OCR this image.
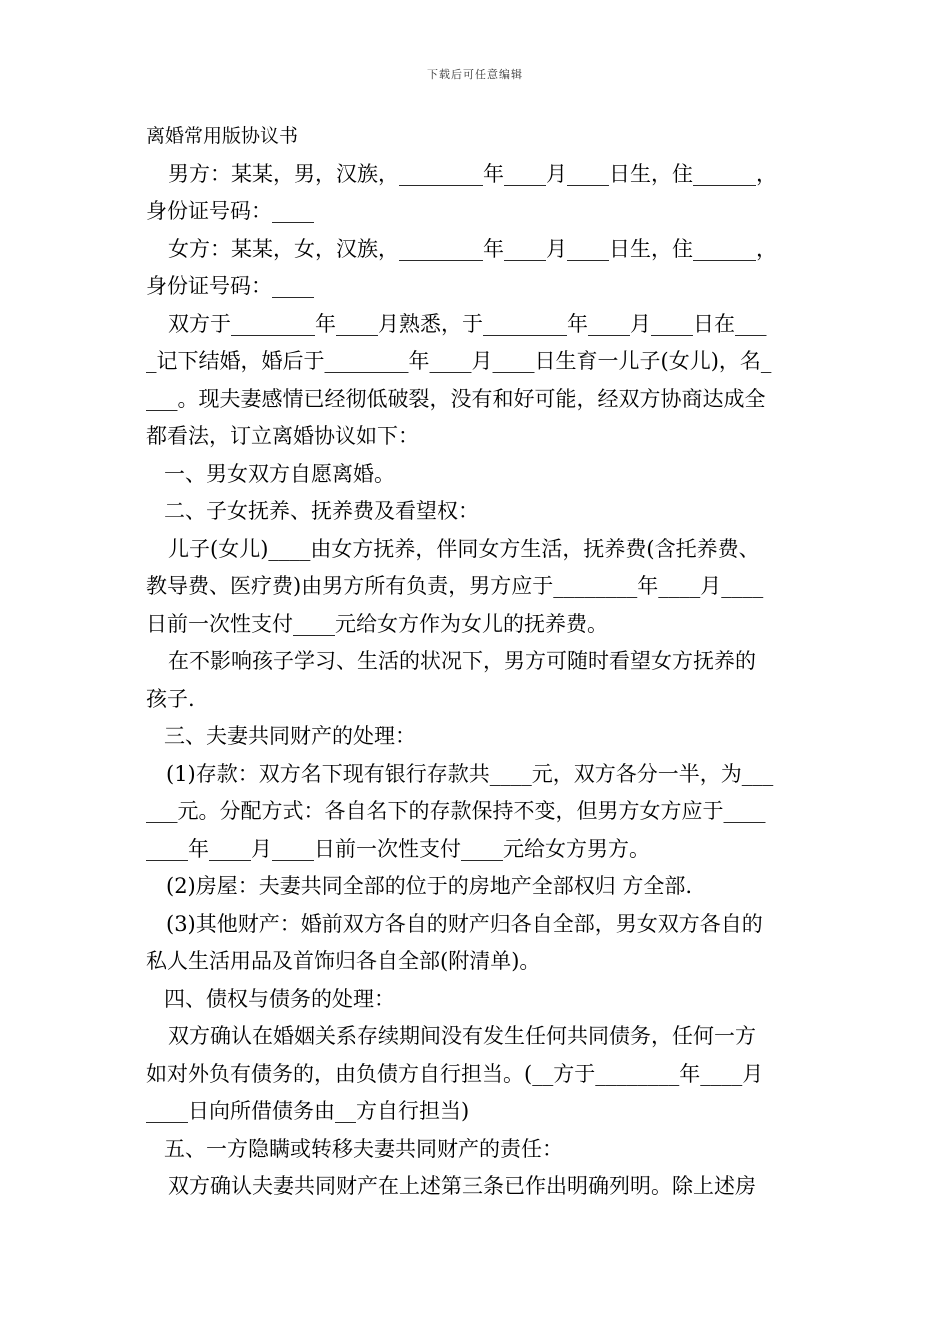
下载后可任意编辑
离婚常用版协议书
男方：某某，男，汉族，________年____月____日生，住______，
身份证号码：____
女方：某某，女，汉族，________年____月____日生，住______，
身份证号码：____
双方于________年____月熟悉，于________年____月____日在___
_记下结婚，婚后于________年____月____日生育一儿子(女儿)，名_
___。现夫妻感情已经彻低破裂，没有和好可能，经双方协商达成全
都看法，订立离婚协议如下：
一、男女双方自愿离婚。
二、子女抚养、抚养费及看望权：
儿子(女儿)____由女方抚养，伴同女方生活，抚养费(含托养费、
教导费、医疗费)由男方所有负责，男方应于________年____月____
日前一次性支付____元给女方作为女儿的抚养费。
在不影响孩子学习、生活的状况下，男方可随时看望女方抚养的
孩子.
三、夫妻共同财产的处理：
(1)存款：双方名下现有银行存款共____元，双方各分一半，为___
___元。分配方式：各自名下的存款保持不变，但男方女方应于____
____年____月____日前一次性支付____元给女方男方。
(2)房屋：夫妻共同全部的位于的房地产全部权归 方全部.
(3)其他财产：婚前双方各自的财产归各自全部，男女双方各自的
私人生活用品及首饰归各自全部(附清单)。
四、债权与债务的处理：
双方确认在婚姻关系存续期间没有发生任何共同债务，任何一方
如对外负有债务的，由负债方自行担当。(__方于________年____月
____日向所借债务由__方自行担当)
五、一方隐瞒或转移夫妻共同财产的责任：
双方确认夫妻共同财产在上述第三条已作出明确列明。除上述房
